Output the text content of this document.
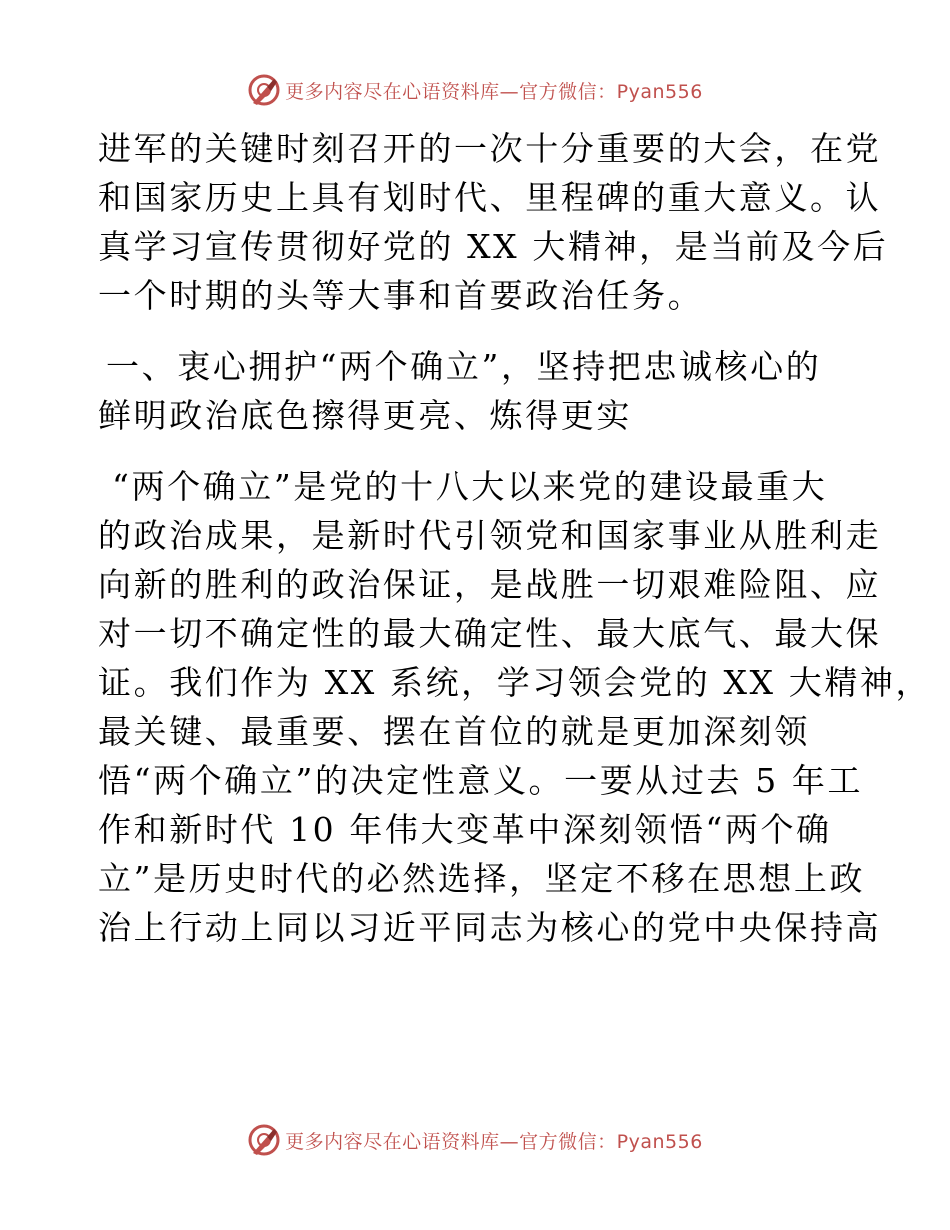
更多内容尽在心语资料库—官方微信：Pyan556
进军的关键时刻召开的一次十分重要的大会，在党
和国家历史上具有划时代、里程碑的重大意义。认
真学习宣传贯彻好党的 XX 大精神，是当前及今后
一个时期的头等大事和首要政治任务。
一、衷心拥护“两个确立”，坚持把忠诚核心的
鲜明政治底色擦得更亮、炼得更实
“两个确立”是党的十八大以来党的建设最重大
的政治成果，是新时代引领党和国家事业从胜利走
向新的胜利的政治保证，是战胜一切艰难险阻、应
对一切不确定性的最大确定性、最大底气、最大保
证。我们作为 XX 系统，学习领会党的 XX 大精神，
最关键、最重要、摆在首位的就是更加深刻领
悟“两个确立”的决定性意义。一要从过去 5 年工
作和新时代 10 年伟大变革中深刻领悟“两个确
立”是历史时代的必然选择，坚定不移在思想上政
治上行动上同以习近平同志为核心的党中央保持高
更多内容尽在心语资料库—官方微信：Pyan556
